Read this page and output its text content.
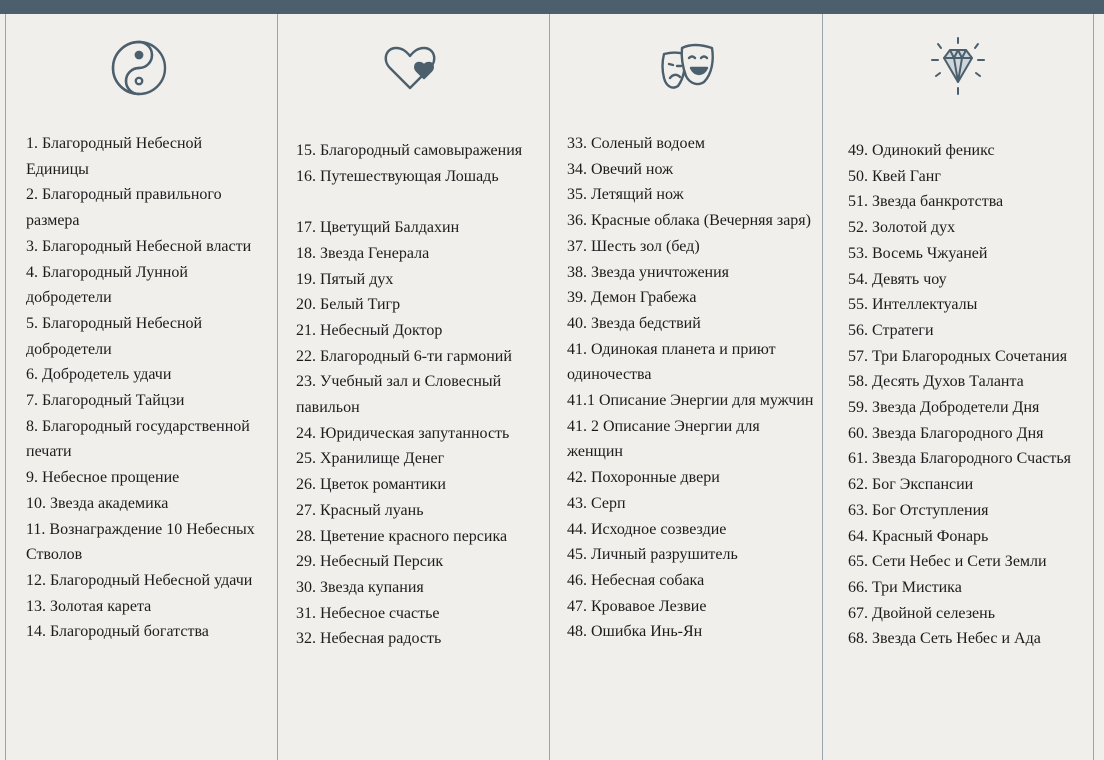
1. Благородный Небесной Единицы
2. Благородный правильного размера
3. Благородный Небесной власти
4. Благородный Лунной добродетели
5. Благородный Небесной добродетели
6. Добродетель удачи
7. Благородный Тайцзи
8. Благородный государственной печати
9. Небесное прощение
10. Звезда академика
11. Вознаграждение 10 Небесных Стволов
12. Благородный Небесной удачи
13. Золотая карета
14. Благородный богатства
15. Благородный самовыражения
16. Путешествующая Лошадь
17. Цветущий Балдахин
18. Звезда Генерала
19. Пятый дух
20. Белый Тигр
21. Небесный Доктор
22. Благородный 6-ти гармоний
23. Учебный зал и Словесный павильон
24. Юридическая запутанность
25. Хранилище Денег
26. Цветок романтики
27. Красный луань
28. Цветение красного персика
29. Небесный Персик
30. Звезда купания
31. Небесное счастье
32. Небесная радость
33. Соленый водоем
34. Овечий нож
35. Летящий нож
36. Красные облака (Вечерняя заря)
37. Шесть зол (бед)
38. Звезда уничтожения
39. Демон Грабежа
40. Звезда бедствий
41. Одинокая планета и приют одиночества
41.1 Описание Энергии для мужчин
41. 2 Описание Энергии для женщин
42. Похоронные двери
43. Серп
44. Исходное созвездие
45. Личный разрушитель
46. Небесная собака
47. Кровавое Лезвие
48. Ошибка Инь-Ян
49. Одинокий феникс
50. Квей Ганг
51. Звезда банкротства
52. Золотой дух
53. Восемь Чжуаней
54. Девять чоу
55. Интеллектуалы
56. Стратеги
57. Три Благородных Сочетания
58. Десять Духов Таланта
59. Звезда Добродетели Дня
60. Звезда Благородного Дня
61. Звезда Благородного Счастья
62. Бог Экспансии
63. Бог Отступления
64. Красный Фонарь
65. Сети Небес и Сети Земли
66. Три Мистика
67. Двойной селезень
68. Звезда Сеть Небес и Ада
